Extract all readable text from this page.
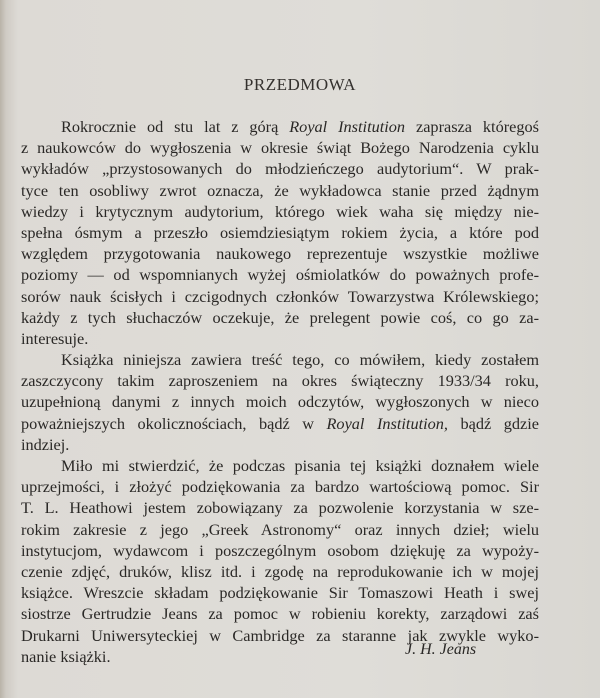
PRZEDMOWA
Rokrocznie od stu lat z górą Royal Institution zaprasza któregoś
z naukowców do wygłoszenia w okresie świąt Bożego Narodzenia cyklu
wykładów „przystosowanych do młodzieńczego audytorium“. W prak-
tyce ten osobliwy zwrot oznacza, że wykładowca stanie przed żądnym
wiedzy i krytycznym audytorium, którego wiek waha się między nie-
spełna ósmym a przeszło osiemdziesiątym rokiem życia, a które pod
względem przygotowania naukowego reprezentuje wszystkie możliwe
poziomy — od wspomnianych wyżej ośmiolatków do poważnych profe-
sorów nauk ścisłych i czcigodnych członków Towarzystwa Królewskiego;
każdy z tych słuchaczów oczekuje, że prelegent powie coś, co go za-
interesuje.
Książka niniejsza zawiera treść tego, co mówiłem, kiedy zostałem
zaszczycony takim zaproszeniem na okres świąteczny 1933/34 roku,
uzupełnioną danymi z innych moich odczytów, wygłoszonych w nieco
poważniejszych okolicznościach, bądź w Royal Institution, bądź gdzie
indziej.
Miło mi stwierdzić, że podczas pisania tej książki doznałem wiele
uprzejmości, i złożyć podziękowania za bardzo wartościową pomoc. Sir
T. L. Heathowi jestem zobowiązany za pozwolenie korzystania w sze-
rokim zakresie z jego „Greek Astronomy“ oraz innych dzieł; wielu
instytucjom, wydawcom i poszczególnym osobom dziękuję za wypoży-
czenie zdjęć, druków, klisz itd. i zgodę na reprodukowanie ich w mojej
książce. Wreszcie składam podziękowanie Sir Tomaszowi Heath i swej
siostrze Gertrudzie Jeans za pomoc w robieniu korekty, zarządowi zaś
Drukarni Uniwersyteckiej w Cambridge za staranne jak zwykle wyko-
nanie książki.	J. H. Jeans
